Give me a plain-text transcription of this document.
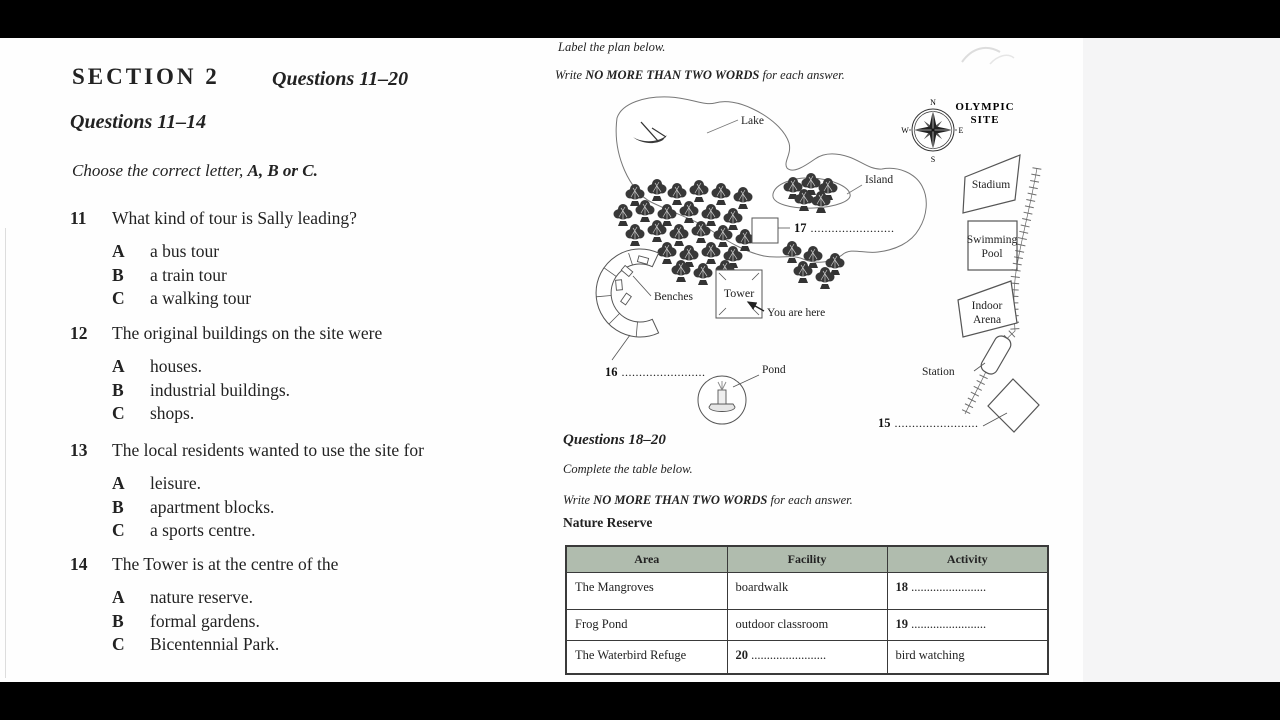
SECTION 2	Questions 11–20
Questions 11–14
Choose the correct letter, A, B or C.
11 What kind of tour is Sally leading?
A a bus tour
B a train tour
C a walking tour
12 The original buildings on the site were
A houses.
B industrial buildings.
C shops.
13 The local residents wanted to use the site for
A leisure.
B apartment blocks.
C a sports centre.
14 The Tower is at the centre of the
A nature reserve.
B formal gardens.
C Bicentennial Park.
Label the plan below.
Write NO MORE THAN TWO WORDS for each answer.
Lake
Island
17 ........................
N
S
W	E
OLYMPIC
SITE
Stadium
Swimming
Pool
Indoor
Arena
Station
15 ........................
Benches
16 ........................
Tower
You are here
Pond
Questions 18–20
Complete the table below.
Write NO MORE THAN TWO WORDS for each answer.
Nature Reserve
Area	Facility	Activity
The Mangroves	boardwalk	18 ........................
Frog Pond	outdoor classroom	19 ........................
The Waterbird Refuge	20 ........................	bird watching
